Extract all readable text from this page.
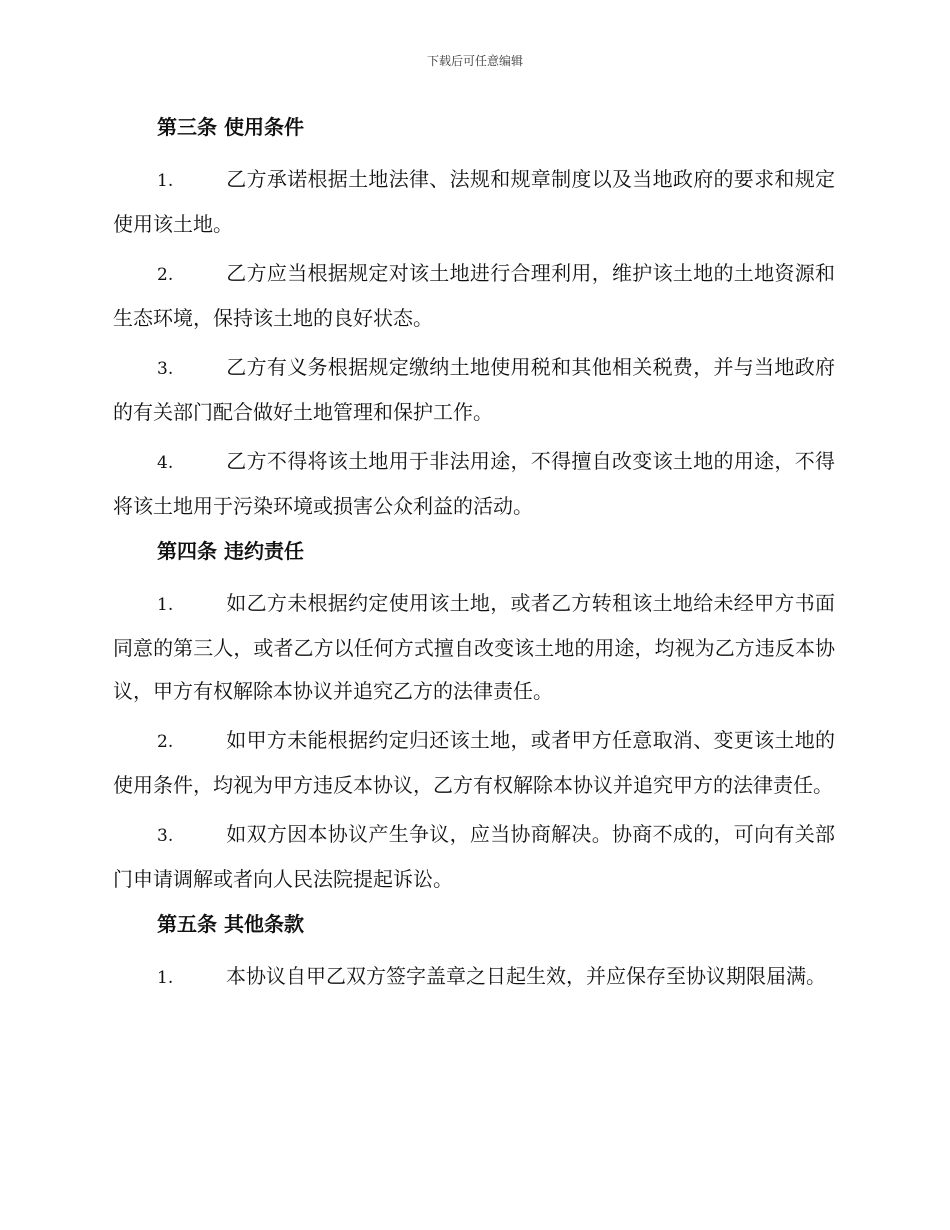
下载后可任意编辑
第三条 使用条件

1.	乙方承诺根据土地法律、法规和规章制度以及当地政府的要求和规定使用该土地。

2.	乙方应当根据规定对该土地进行合理利用，维护该土地的土地资源和生态环境，保持该土地的良好状态。

3.	乙方有义务根据规定缴纳土地使用税和其他相关税费，并与当地政府的有关部门配合做好土地管理和保护工作。

4.	乙方不得将该土地用于非法用途，不得擅自改变该土地的用途，不得将该土地用于污染环境或损害公众利益的活动。

第四条 违约责任

1.	如乙方未根据约定使用该土地，或者乙方转租该土地给未经甲方书面同意的第三人，或者乙方以任何方式擅自改变该土地的用途，均视为乙方违反本协议，甲方有权解除本协议并追究乙方的法律责任。

2.	如甲方未能根据约定归还该土地，或者甲方任意取消、变更该土地的使用条件，均视为甲方违反本协议，乙方有权解除本协议并追究甲方的法律责任。

3.	如双方因本协议产生争议，应当协商解决。协商不成的，可向有关部门申请调解或者向人民法院提起诉讼。

第五条 其他条款

1.	本协议自甲乙双方签字盖章之日起生效，并应保存至协议期限届满。
